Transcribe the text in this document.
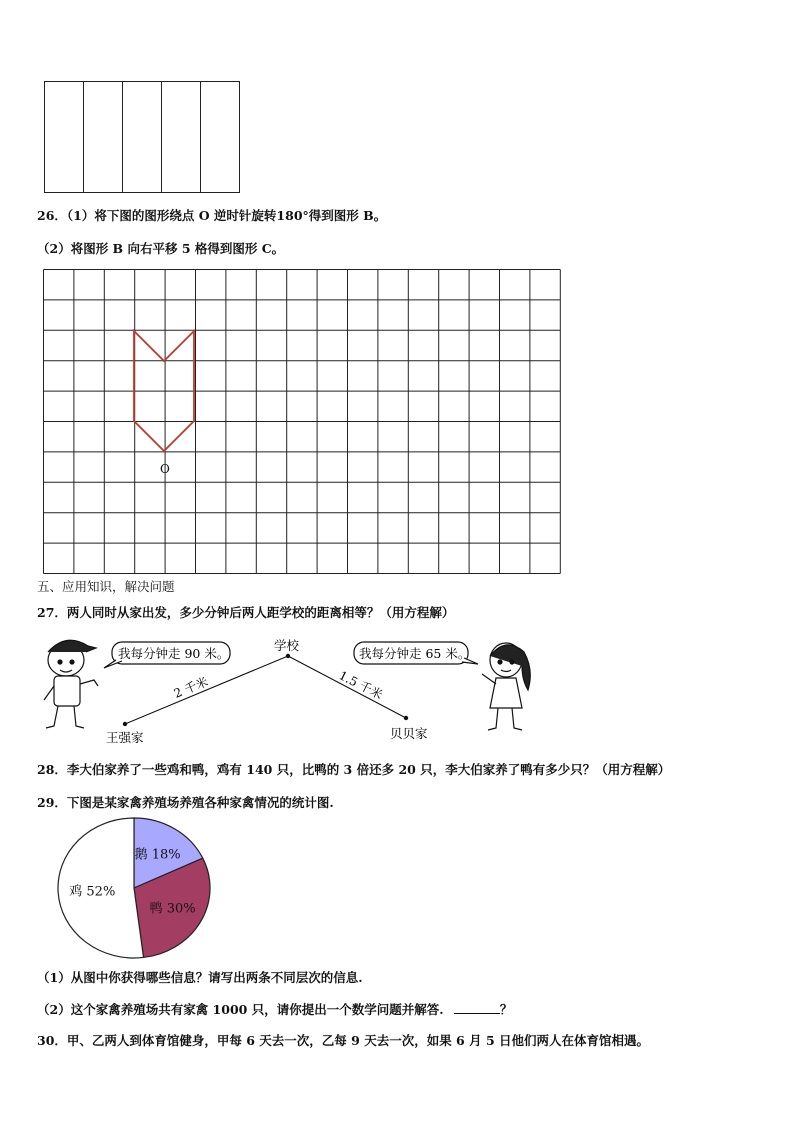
26．（1）将下图的图形绕点 O 逆时针旋转180°得到图形 B。
（2）将图形 B 向右平移 5 格得到图形 C。
O
五、应用知识，解决问题
27．两人同时从家出发，多少分钟后两人距学校的距离相等？（用方程解）
我每分钟走 90 米。
学校
2 千米	1.5 千米
王强家	贝贝家
我每分钟走 65 米。
28．李大伯家养了一些鸡和鸭，鸡有 140 只，比鸭的 3 倍还多 20 只，李大伯家养了鸭有多少只？（用方程解）
29．下图是某家禽养殖场养殖各种家禽情况的统计图.
鹅 18%
鸭 30%
鸡 52%
（1）从图中你获得哪些信息？请写出两条不同层次的信息.
（2）这个家禽养殖场共有家禽 1000 只，请你提出一个数学问题并解答.	？
30．甲、乙两人到体育馆健身，甲每 6 天去一次，乙每 9 天去一次，如果 6 月 5 日他们两人在体育馆相遇。
